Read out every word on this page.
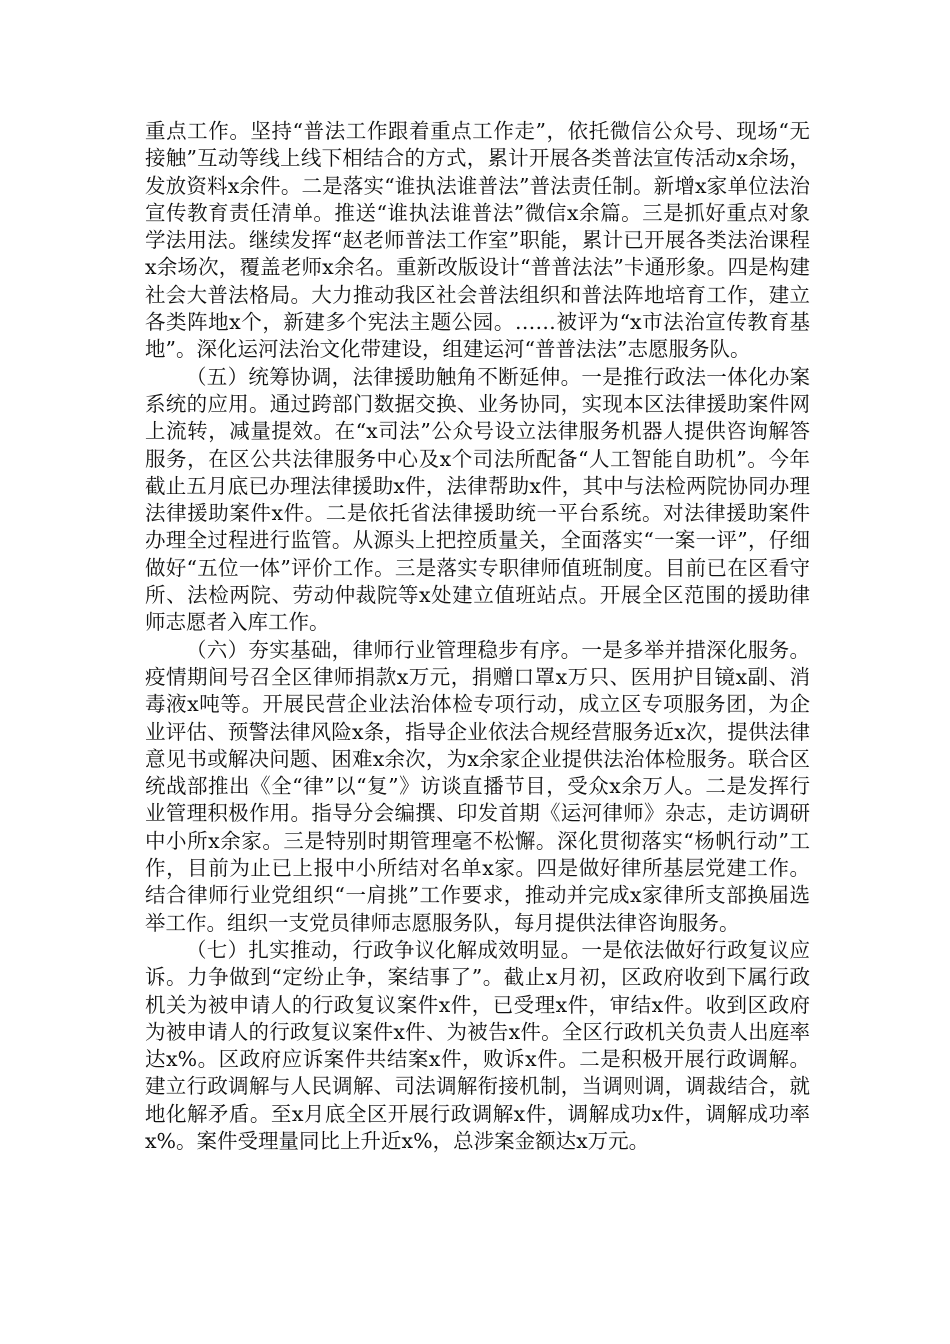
重点工作。坚持“普法工作跟着重点工作走”，依托微信公众号、现场“无接触”互动等线上线下相结合的方式，累计开展各类普法宣传活动x余场，发放资料x余件。二是落实“谁执法谁普法”普法责任制。新增x家单位法治宣传教育责任清单。推送“谁执法谁普法”微信x余篇。三是抓好重点对象学法用法。继续发挥“赵老师普法工作室”职能，累计已开展各类法治课程x余场次，覆盖老师x余名。重新改版设计“普普法法”卡通形象。四是构建社会大普法格局。大力推动我区社会普法组织和普法阵地培育工作，建立各类阵地x个，新建多个宪法主题公园。……被评为“x市法治宣传教育基地”。深化运河法治文化带建设，组建运河“普普法法”志愿服务队。

（五）统筹协调，法律援助触角不断延伸。一是推行政法一体化办案系统的应用。通过跨部门数据交换、业务协同，实现本区法律援助案件网上流转，减量提效。在“x司法”公众号设立法律服务机器人提供咨询解答服务，在区公共法律服务中心及x个司法所配备“人工智能自助机”。今年截止五月底已办理法律援助x件，法律帮助x件，其中与法检两院协同办理法律援助案件x件。二是依托省法律援助统一平台系统。对法律援助案件办理全过程进行监管。从源头上把控质量关，全面落实“一案一评”，仔细做好“五位一体”评价工作。三是落实专职律师值班制度。目前已在区看守所、法检两院、劳动仲裁院等x处建立值班站点。开展全区范围的援助律师志愿者入库工作。

（六）夯实基础，律师行业管理稳步有序。一是多举并措深化服务。疫情期间号召全区律师捐款x万元，捐赠口罩x万只、医用护目镜x副、消毒液x吨等。开展民营企业法治体检专项行动，成立区专项服务团，为企业评估、预警法律风险x条，指导企业依法合规经营服务近x次，提供法律意见书或解决问题、困难x余次，为x余家企业提供法治体检服务。联合区统战部推出《全“律”以“复”》访谈直播节目，受众x余万人。二是发挥行业管理积极作用。指导分会编撰、印发首期《运河律师》杂志，走访调研中小所x余家。三是特别时期管理毫不松懈。深化贯彻落实“杨帆行动”工作，目前为止已上报中小所结对名单x家。四是做好律所基层党建工作。结合律师行业党组织“一肩挑”工作要求，推动并完成x家律所支部换届选举工作。组织一支党员律师志愿服务队，每月提供法律咨询服务。

（七）扎实推动，行政争议化解成效明显。一是依法做好行政复议应诉。力争做到“定纷止争，案结事了”。截止x月初，区政府收到下属行政机关为被申请人的行政复议案件x件，已受理x件，审结x件。收到区政府为被申请人的行政复议案件x件、为被告x件。全区行政机关负责人出庭率达x%。区政府应诉案件共结案x件，败诉x件。二是积极开展行政调解。建立行政调解与人民调解、司法调解衔接机制，当调则调，调裁结合，就地化解矛盾。至x月底全区开展行政调解x件，调解成功x件，调解成功率x%。案件受理量同比上升近x%，总涉案金额达x万元。
